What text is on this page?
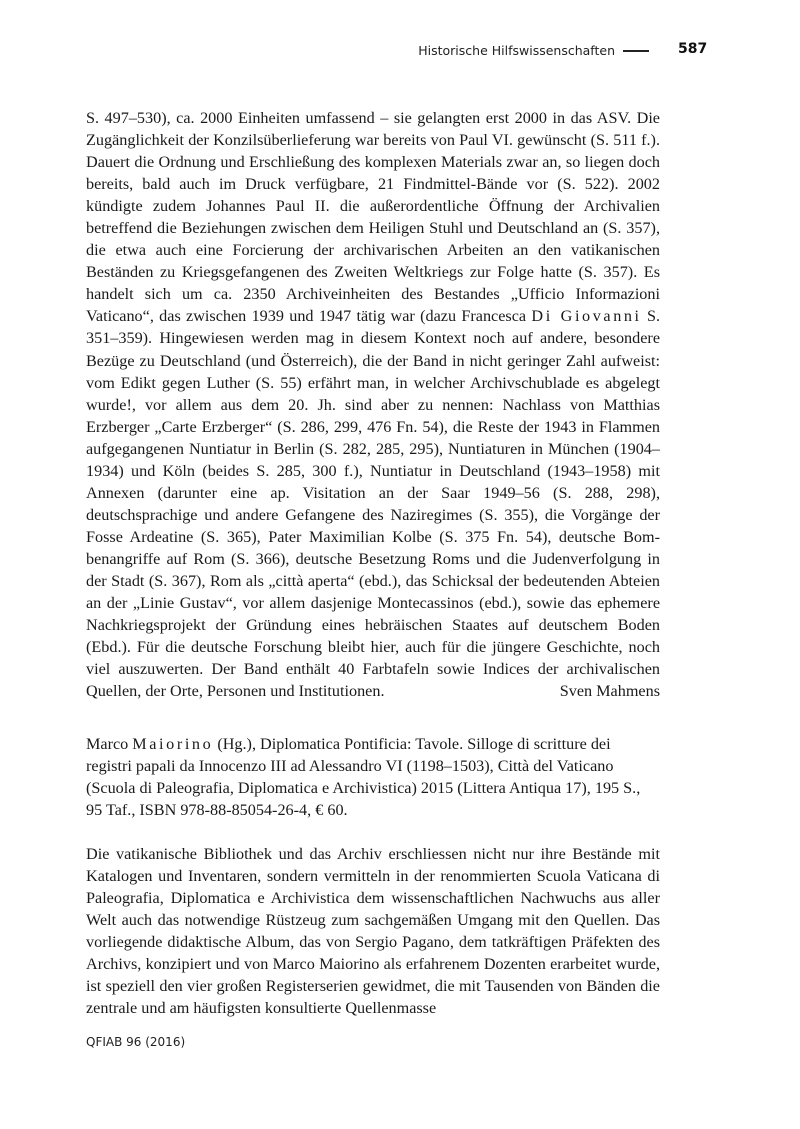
Historische Hilfswissenschaften	587

S. 497–530), ca. 2000 Einheiten umfassend – sie gelangten erst 2000 in das ASV. Die Zugänglichkeit der Konzilsüberlieferung war bereits von Paul VI. gewünscht (S. 511 f.). Dauert die Ordnung und Erschließung des komplexen Materials zwar an, so liegen doch bereits, bald auch im Druck verfügbare, 21 Findmittel-Bände vor (S. 522). 2002 kündigte zudem Johannes Paul II. die außerordentliche Öffnung der Archivalien betreffend die Beziehungen zwischen dem Heiligen Stuhl und Deutschland an (S. 357), die etwa auch eine Forcierung der archivarischen Arbeiten an den vatikanischen Beständen zu Kriegsgefangenen des Zweiten Weltkriegs zur Folge hatte (S. 357). Es handelt sich um ca. 2350 Archiveinheiten des Bestandes „Ufficio Informazioni Vaticano“, das zwischen 1939 und 1947 tätig war (dazu Francesca Di Giovanni S. 351–359). Hingewiesen werden mag in diesem Kontext noch auf andere, besondere Bezüge zu Deutschland (und Österreich), die der Band in nicht geringer Zahl aufweist: vom Edikt gegen Luther (S. 55) erfährt man, in welcher Archivschublade es abgelegt wurde!, vor allem aus dem 20. Jh. sind aber zu nennen: Nachlass von Matthias Erzberger „Carte Erzberger“ (S. 286, 299, 476 Fn. 54), die Reste der 1943 in Flammen aufgegangenen Nuntiatur in Berlin (S. 282, 285, 295), Nuntiaturen in München (1904–1934) und Köln (beides S. 285, 300 f.), Nuntiatur in Deutschland (1943–1958) mit Annexen (darunter eine ap. Visitation an der Saar 1949–56 (S. 288, 298), deutschsprachige und andere Gefangene des Naziregimes (S. 355), die Vorgänge der Fosse Ardeatine (S. 365), Pater Maximilian Kolbe (S. 375 Fn. 54), deutsche Bombenangriffe auf Rom (S. 366), deutsche Besetzung Roms und die Judenverfolgung in der Stadt (S. 367), Rom als „città aperta“ (ebd.), das Schicksal der bedeutenden Abteien an der „Linie Gustav“, vor allem dasjenige Montecassinos (ebd.), sowie das ephemere Nachkriegsprojekt der Gründung eines hebräischen Staates auf deutschem Boden (Ebd.). Für die deutsche Forschung bleibt hier, auch für die jüngere Geschichte, noch viel auszuwerten. Der Band enthält 40 Farbtafeln sowie Indices der archivalischen Quellen, der Orte, Personen und Institutionen.	Sven Mahmens

Marco Maiorino (Hg.), Diplomatica Pontificia: Tavole. Silloge di scritture dei registri papali da Innocenzo III ad Alessandro VI (1198–1503), Città del Vaticano (Scuola di Paleografia, Diplomatica e Archivistica) 2015 (Littera Antiqua 17), 195 S., 95 Taf., ISBN 978-88-85054-26-4, € 60.

Die vatikanische Bibliothek und das Archiv erschliessen nicht nur ihre Bestände mit Katalogen und Inventaren, sondern vermitteln in der renommierten Scuola Vaticana di Paleografia, Diplomatica e Archivistica dem wissenschaftlichen Nachwuchs aus aller Welt auch das notwendige Rüstzeug zum sachgemäßen Umgang mit den Quellen. Das vorliegende didaktische Album, das von Sergio Pagano, dem tatkräftigen Präfekten des Archivs, konzipiert und von Marco Maiorino als erfahrenem Dozenten erarbeitet wurde, ist speziell den vier großen Registerserien gewidmet, die mit Tausenden von Bänden die zentrale und am häufigsten konsultierte Quellenmasse

QFIAB 96 (2016)
